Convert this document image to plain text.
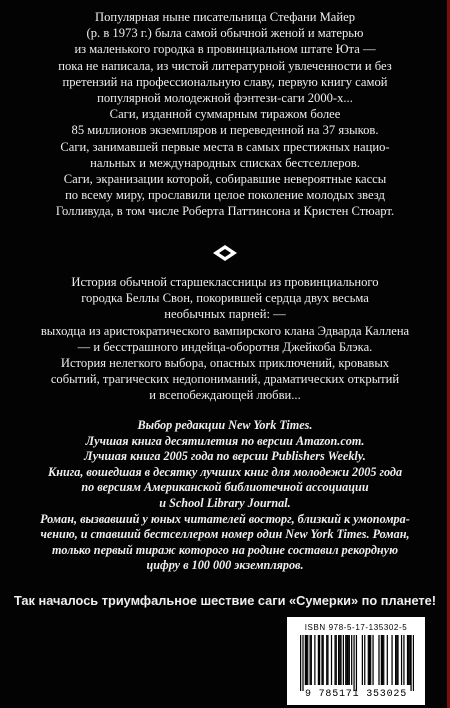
Популярная ныне писательница Стефани Майер
(р. в 1973 г.) была самой обычной женой и матерью
из маленького городка в провинциальном штате Юта —
пока не написала, из чистой литературной увлеченности и без
претензий на профессиональную славу, первую книгу самой
популярной молодежной фэнтези-саги 2000-х...
Саги, изданной суммарным тиражом более
85 миллионов экземпляров и переведенной на 37 языков.
Саги, занимавшей первые места в самых престижных нацио-
нальных и международных списках бестселлеров.
Саги, экранизации которой, собиравшие невероятные кассы
по всему миру, прославили целое поколение молодых звезд
Голливуда, в том числе Роберта Паттинсона и Кристен Стюарт.
История обычной старшеклассницы из провинциального
городка Беллы Свон, покорившей сердца двух весьма
необычных парней: —
выходца из аристократического вампирского клана Эдварда Каллена
— и бесстрашного индейца-оборотня Джейкоба Блэка.
История нелегкого выбора, опасных приключений, кровавых
событий, трагических недопониманий, драматических открытий
и всепобеждающей любви...
Выбор редакции New York Times.
Лучшая книга десятилетия по версии Amazon.com.
Лучшая книга 2005 года по версии Publishers Weekly.
Книга, вошедшая в десятку лучших книг для молодежи 2005 года
по версиям Американской библиотечной ассоциации
и School Library Journal.
Роман, вызвавший у юных читателей восторг, близкий к умопомра-
чению, и ставший бестселлером номер один New York Times. Роман,
только первый тираж которого на родине составил рекордную
цифру в 100 000 экземпляров.
Так началось триумфальное шествие саги «Сумерки» по планете!
ISBN 978-5-17-135302-5
9 785171 353025
